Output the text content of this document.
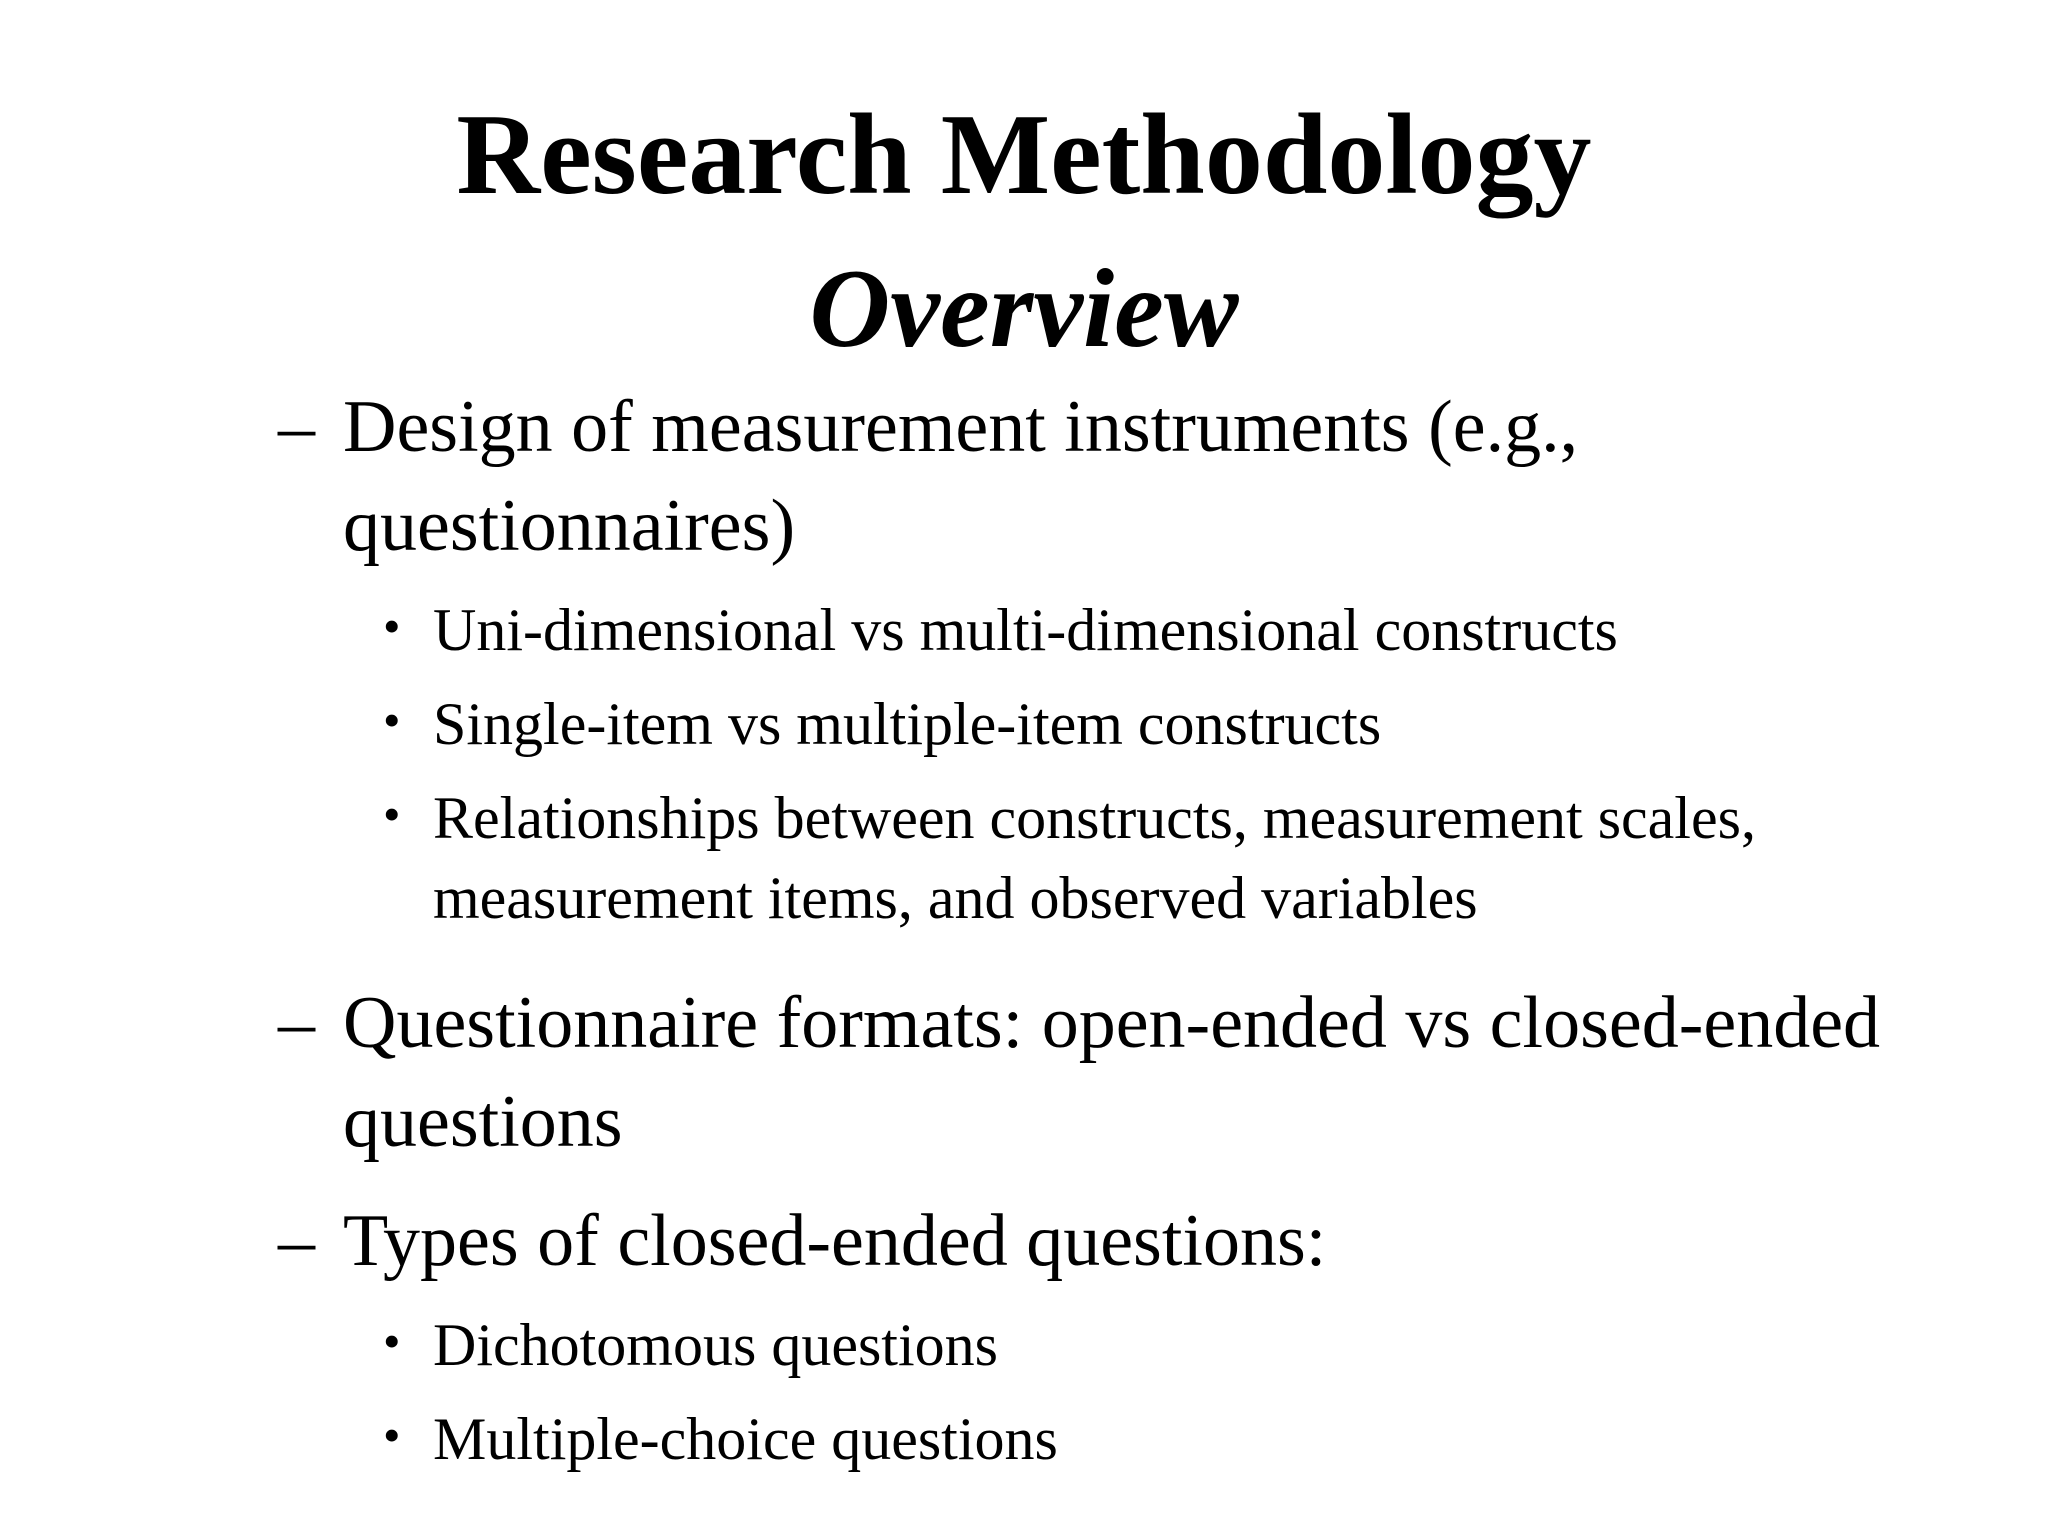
Research Methodology
Overview
– Design of measurement instruments (e.g., questionnaires)
• Uni-dimensional vs multi-dimensional constructs
• Single-item vs multiple-item constructs
• Relationships between constructs, measurement scales, measurement items, and observed variables
– Questionnaire formats: open-ended vs closed-ended questions
– Types of closed-ended questions:
• Dichotomous questions
• Multiple-choice questions
